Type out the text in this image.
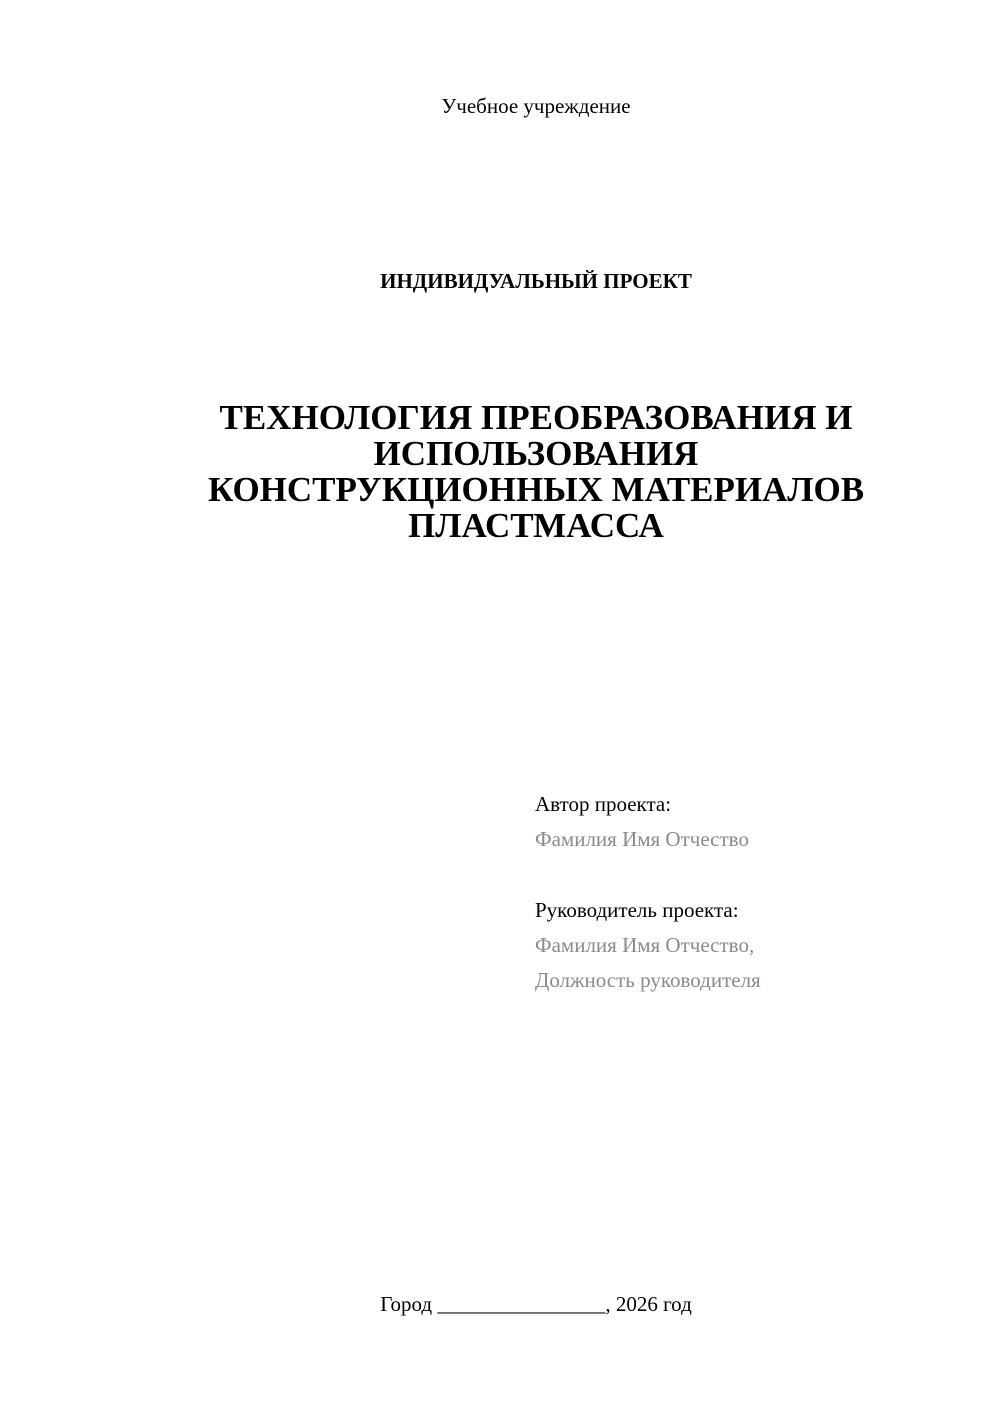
Учебное учреждение
ИНДИВИДУАЛЬНЫЙ ПРОЕКТ
ТЕХНОЛОГИЯ ПРЕОБРАЗОВАНИЯ И
ИСПОЛЬЗОВАНИЯ
КОНСТРУКЦИОННЫХ МАТЕРИАЛОВ
ПЛАСТМАССА
Автор проекта:
Фамилия Имя Отчество
Руководитель проекта:
Фамилия Имя Отчество,
Должность руководителя
Город ________________, 2026 год
